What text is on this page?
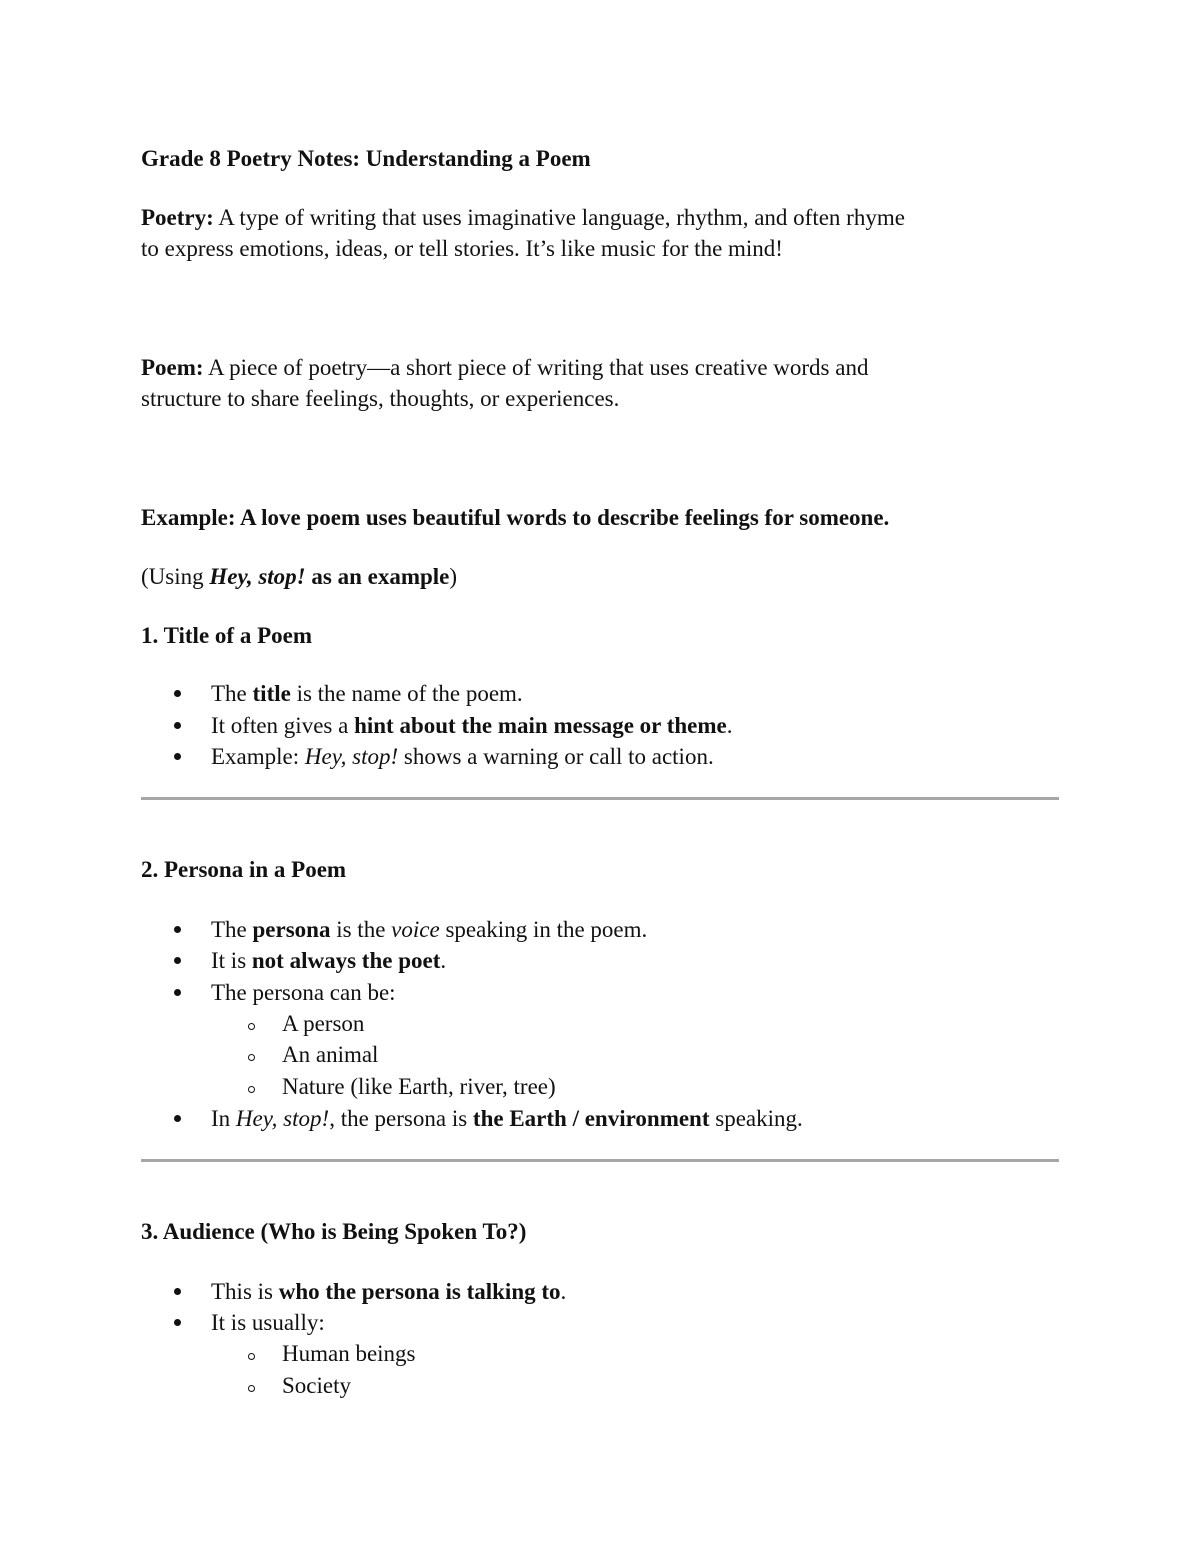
Grade 8 Poetry Notes: Understanding a Poem
Poetry: A type of writing that uses imaginative language, rhythm, and often rhyme
to express emotions, ideas, or tell stories. It’s like music for the mind!
Poem: A piece of poetry—a short piece of writing that uses creative words and
structure to share feelings, thoughts, or experiences.
Example: A love poem uses beautiful words to describe feelings for someone.
(Using Hey, stop! as an example)
1. Title of a Poem
The title is the name of the poem.
It often gives a hint about the main message or theme.
Example: Hey, stop! shows a warning or call to action.
2. Persona in a Poem
The persona is the voice speaking in the poem.
It is not always the poet.
The persona can be:
A person
An animal
Nature (like Earth, river, tree)
In Hey, stop!, the persona is the Earth / environment speaking.
3. Audience (Who is Being Spoken To?)
This is who the persona is talking to.
It is usually:
Human beings
Society
